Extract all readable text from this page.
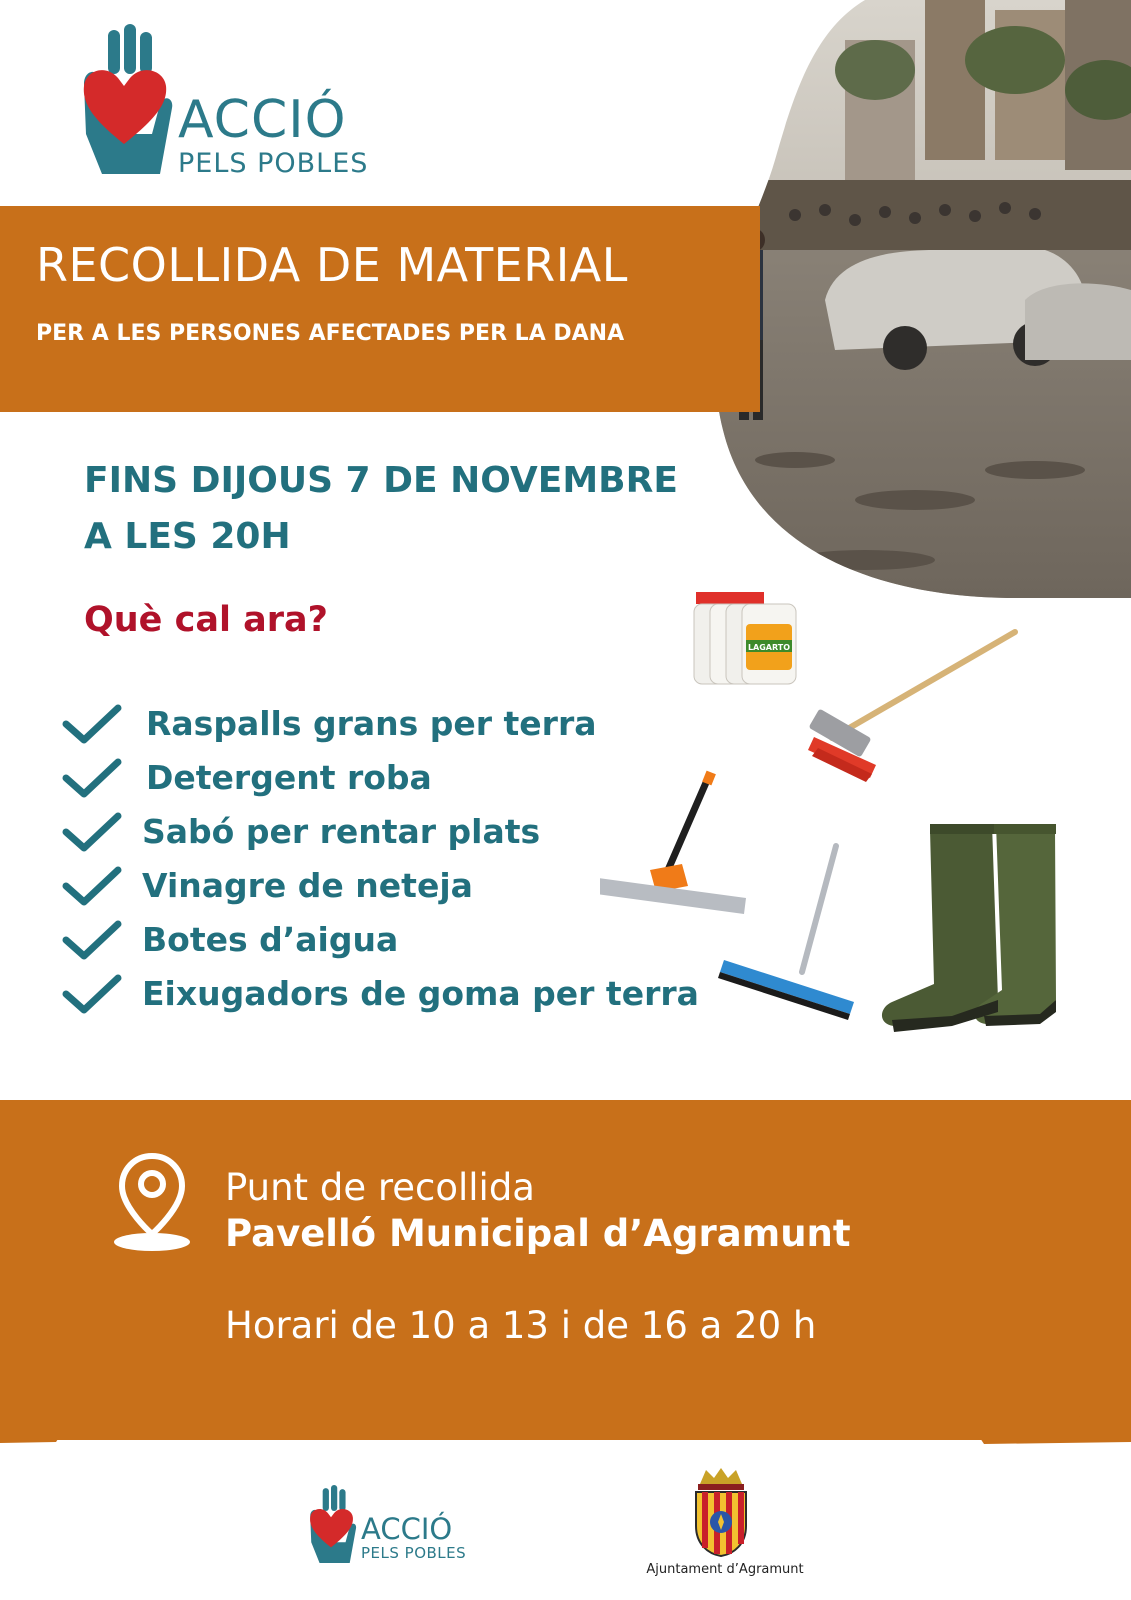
ACCIÓ
PELS POBLES
RECOLLIDA DE MATERIAL
PER A LES PERSONES AFECTADES PER LA DANA
FINS DIJOUS 7 DE NOVEMBRE
A LES 20H
Què cal ara?
Raspalls grans per terra
Detergent roba
Sabó per rentar plats
Vinagre de neteja
Botes d’aigua
Eixugadors de goma per terra
LAGARTO
Punt de recollida
Pavelló Municipal d’Agramunt
Horari de 10 a 13 i de 16 a 20 h
ACCIÓ
PELS POBLES
Ajuntament d’Agramunt
